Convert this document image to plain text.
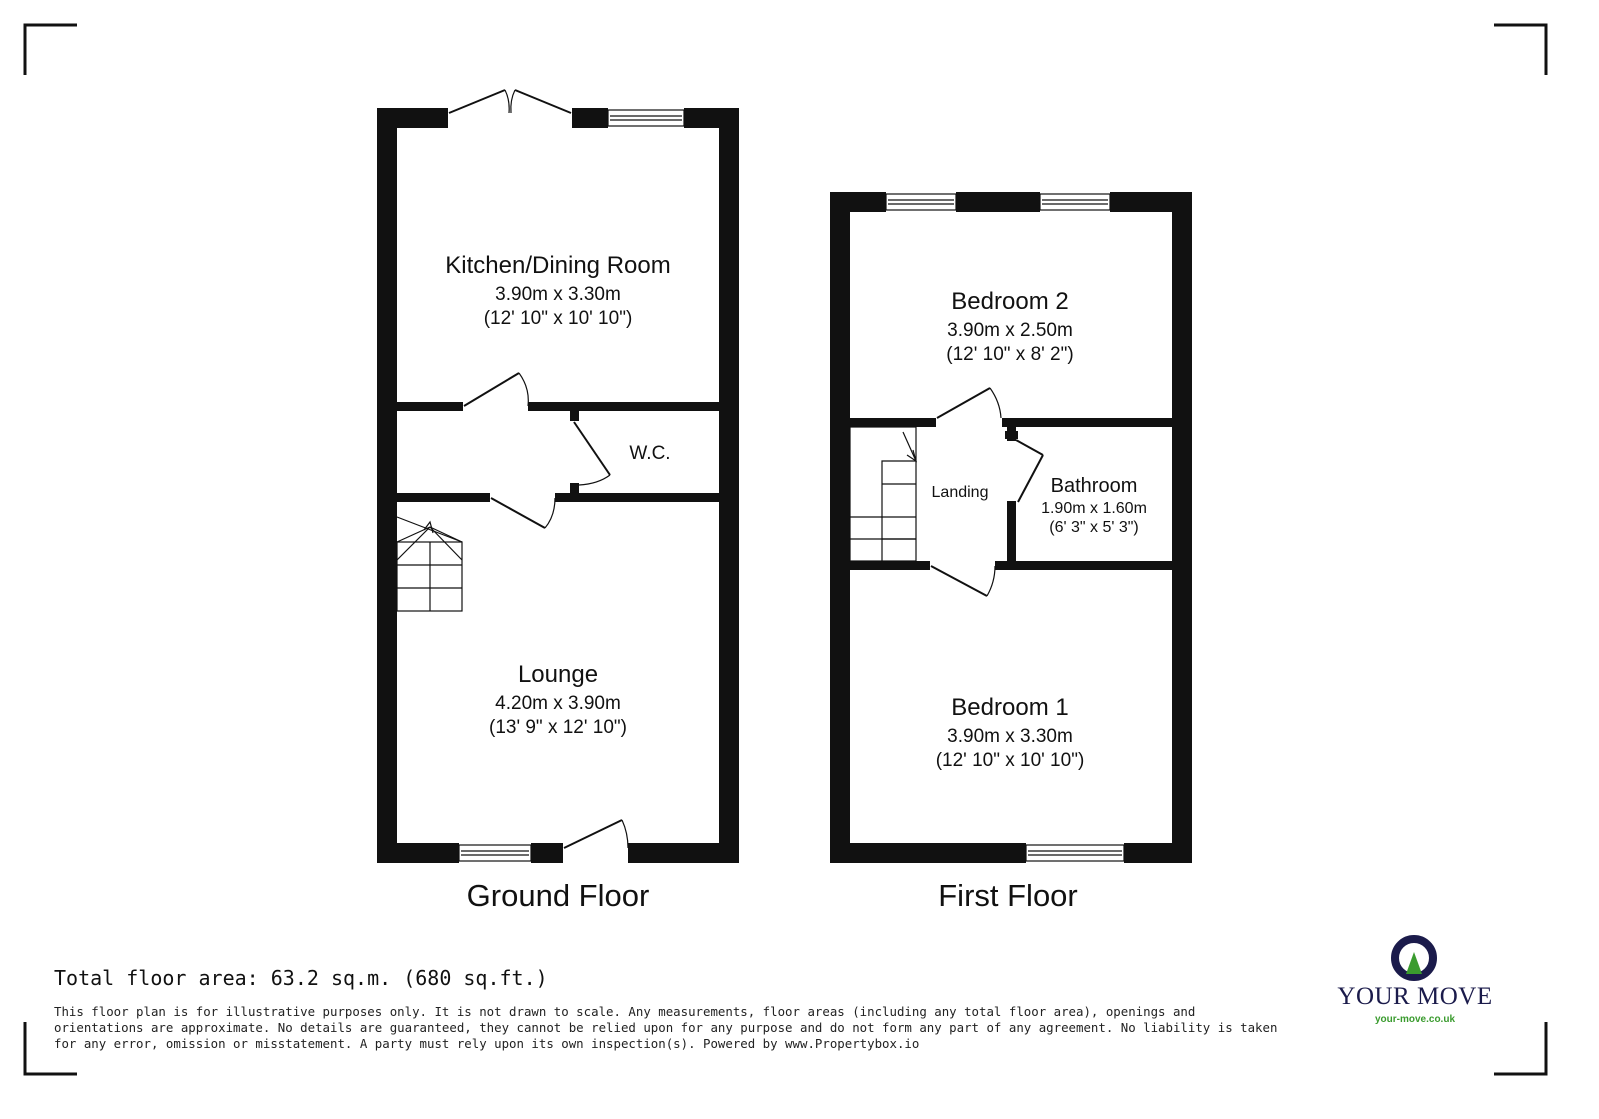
Kitchen/Dining Room
3.90m x 3.30m
(12' 10" x 10' 10")
W.C.
Lounge
4.20m x 3.90m
(13' 9" x 12' 10")
Ground Floor
Bedroom 2
3.90m x 2.50m
(12' 10" x 8' 2")
Landing	Bathroom
1.90m x 1.60m
(6' 3" x 5' 3")
Bedroom 1
3.90m x 3.30m
(12' 10" x 10' 10")
First Floor
Total floor area: 63.2 sq.m. (680 sq.ft.)
This floor plan is for illustrative purposes only. It is not drawn to scale. Any measurements, floor areas (including any total floor area), openings and orientations are approximate. No details are guaranteed, they cannot be relied upon for any purpose and do not form any part of any agreement. No liability is taken for any error, omission or misstatement. A party must rely upon its own inspection(s). Powered by www.Propertybox.io
YOUR MOVE
your-move.co.uk
